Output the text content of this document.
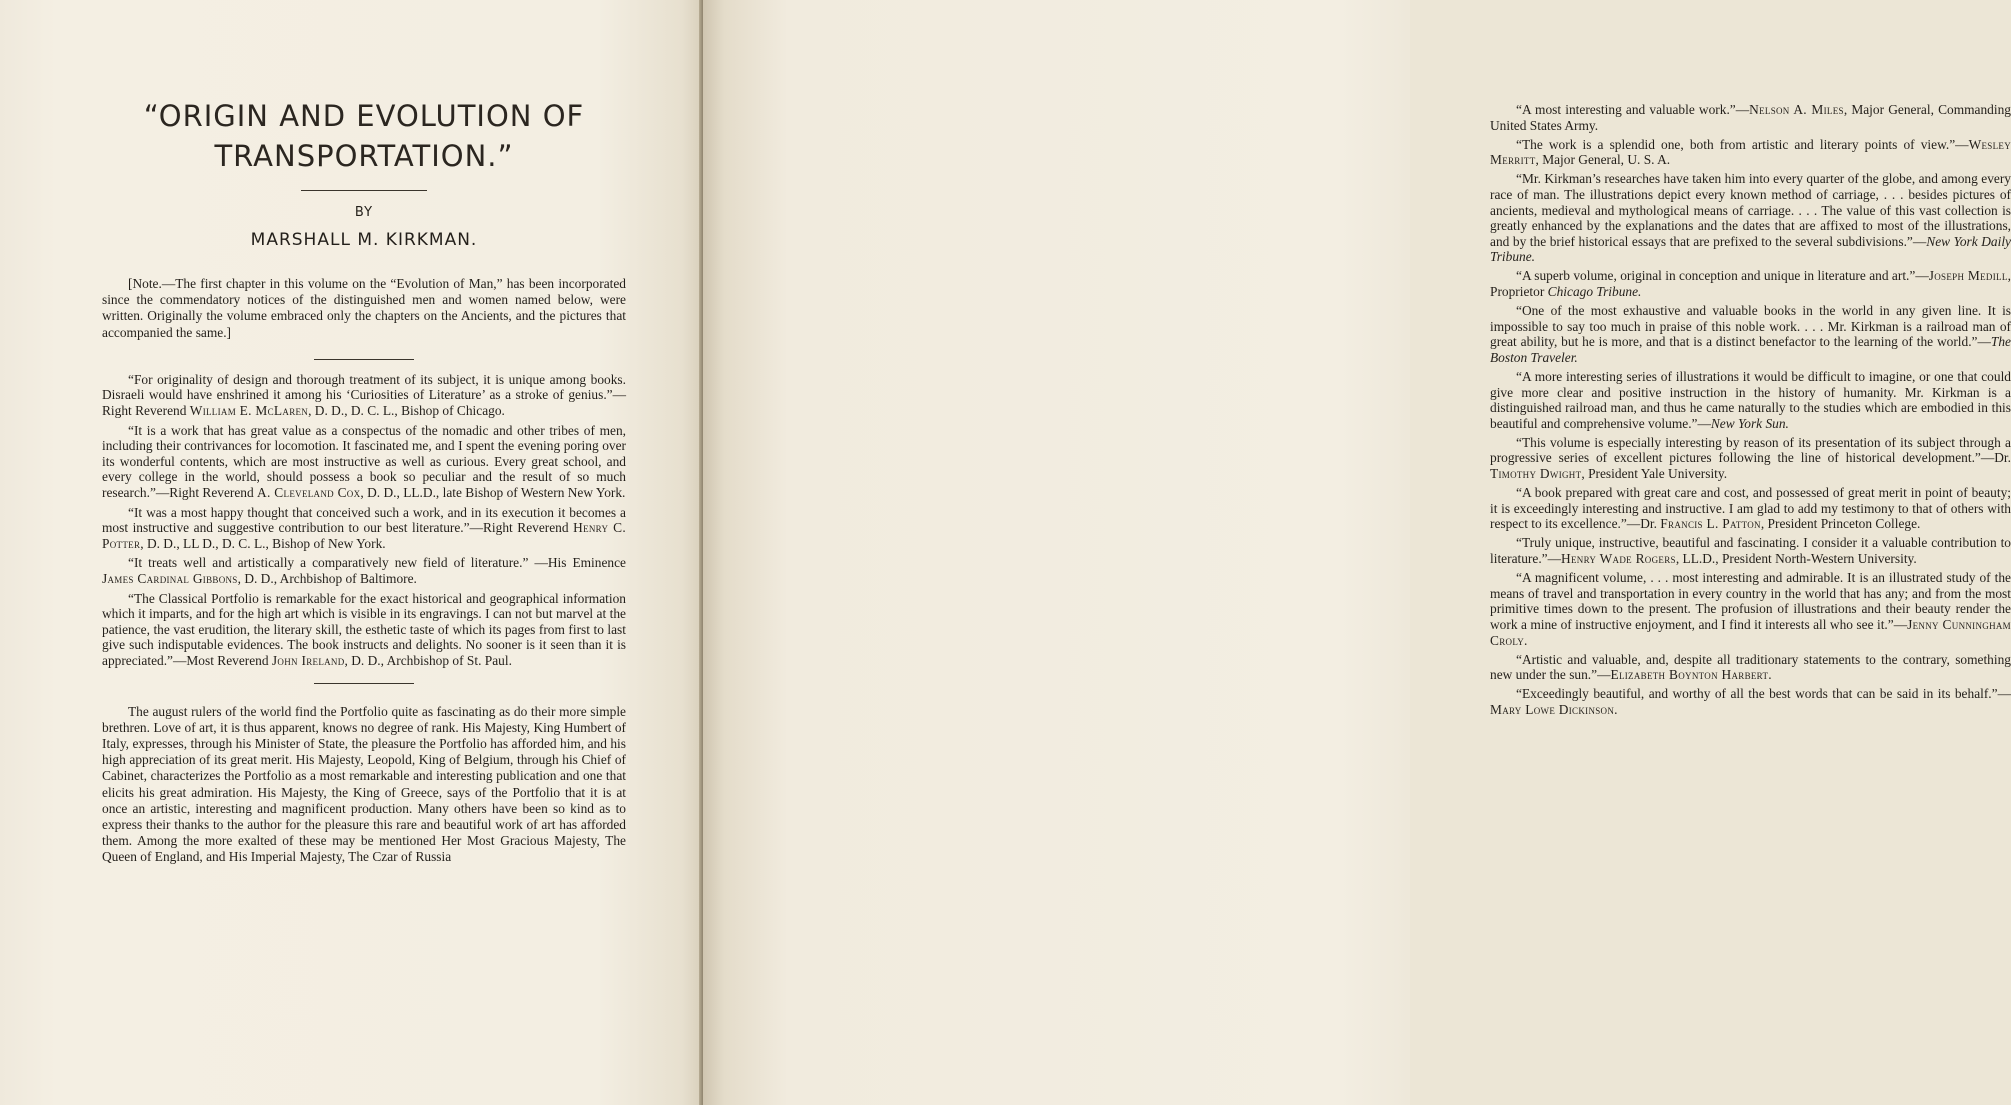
“ORIGIN AND EVOLUTION OF
TRANSPORTATION.”
BY
MARSHALL M. KIRKMAN.

[Note.—The first chapter in this volume on the “Evolution of Man,” has been incorporated since the commendatory notices of the distinguished men and women named below, were written. Originally the volume embraced only the chapters on the Ancients, and the pictures that accompanied the same.]

“For originality of design and thorough treatment of its subject, it is unique among books. Disraeli would have enshrined it among his ‘Curiosities of Literature’ as a stroke of genius.”—Right Reverend William E. McLaren, D. D., D. C. L., Bishop of Chicago.

“It is a work that has great value as a conspectus of the nomadic and other tribes of men, including their contrivances for locomotion. It fascinated me, and I spent the evening poring over its wonderful contents, which are most instructive as well as curious. Every great school, and every college in the world, should possess a book so peculiar and the result of so much research.”—Right Reverend A. Cleveland Cox, D. D., LL.D., late Bishop of Western New York.

“It was a most happy thought that conceived such a work, and in its execution it becomes a most instructive and suggestive contribution to our best literature.”—Right Reverend Henry C. Potter, D. D., LL D., D. C. L., Bishop of New York.

“It treats well and artistically a comparatively new field of literature.” —His Eminence James Cardinal Gibbons, D. D., Archbishop of Baltimore.

“The Classical Portfolio is remarkable for the exact historical and geographical information which it imparts, and for the high art which is visible in its engravings. I can not but marvel at the patience, the vast erudition, the literary skill, the esthetic taste of which its pages from first to last give such indisputable evidences. The book instructs and delights. No sooner is it seen than it is appreciated.”—Most Reverend John Ireland, D. D., Archbishop of St. Paul.

The august rulers of the world find the Portfolio quite as fascinating as do their more simple brethren. Love of art, it is thus apparent, knows no degree of rank. His Majesty, King Humbert of Italy, expresses, through his Minister of State, the pleasure the Portfolio has afforded him, and his high appreciation of its great merit. His Majesty, Leopold, King of Belgium, through his Chief of Cabinet, characterizes the Portfolio as a most remarkable and interesting publication and one that elicits his great admiration. His Majesty, the King of Greece, says of the Portfolio that it is at once an artistic, interesting and magnificent production. Many others have been so kind as to express their thanks to the author for the pleasure this rare and beautiful work of art has afforded them. Among the more exalted of these may be mentioned Her Most Gracious Majesty, The Queen of England, and His Imperial Majesty, The Czar of Russia

“A most interesting and valuable work.”—Nelson A. Miles, Major General, Commanding United States Army.

“The work is a splendid one, both from artistic and literary points of view.”—Wesley Merritt, Major General, U. S. A.

“Mr. Kirkman’s researches have taken him into every quarter of the globe, and among every race of man. The illustrations depict every known method of carriage, . . . besides pictures of ancients, medieval and mythological means of carriage. . . . The value of this vast collection is greatly enhanced by the explanations and the dates that are affixed to most of the illustrations, and by the brief historical essays that are prefixed to the several subdivisions.”—New York Daily Tribune.

“A superb volume, original in conception and unique in literature and art.”—Joseph Medill, Proprietor Chicago Tribune.

“One of the most exhaustive and valuable books in the world in any given line. It is impossible to say too much in praise of this noble work. . . . Mr. Kirkman is a railroad man of great ability, but he is more, and that is a distinct benefactor to the learning of the world.”—The Boston Traveler.

“A more interesting series of illustrations it would be difficult to imagine, or one that could give more clear and positive instruction in the history of humanity. Mr. Kirkman is a distinguished railroad man, and thus he came naturally to the studies which are embodied in this beautiful and comprehensive volume.”—New York Sun.

“This volume is especially interesting by reason of its presentation of its subject through a progressive series of excellent pictures following the line of historical development.”—Dr. Timothy Dwight, President Yale University.

“A book prepared with great care and cost, and possessed of great merit in point of beauty; it is exceedingly interesting and instructive. I am glad to add my testimony to that of others with respect to its excellence.”—Dr. Francis L. Patton, President Princeton College.

“Truly unique, instructive, beautiful and fascinating. I consider it a valuable contribution to literature.”—Henry Wade Rogers, LL.D., President North-Western University.

“A magnificent volume, . . . most interesting and admirable. It is an illustrated study of the means of travel and transportation in every country in the world that has any; and from the most primitive times down to the present. The profusion of illustrations and their beauty render the work a mine of instructive enjoyment, and I find it interests all who see it.”—Jenny Cunningham Croly.

“Artistic and valuable, and, despite all traditionary statements to the contrary, something new under the sun.”—Elizabeth Boynton Harbert.

“Exceedingly beautiful, and worthy of all the best words that can be said in its behalf.”—Mary Lowe Dickinson.
